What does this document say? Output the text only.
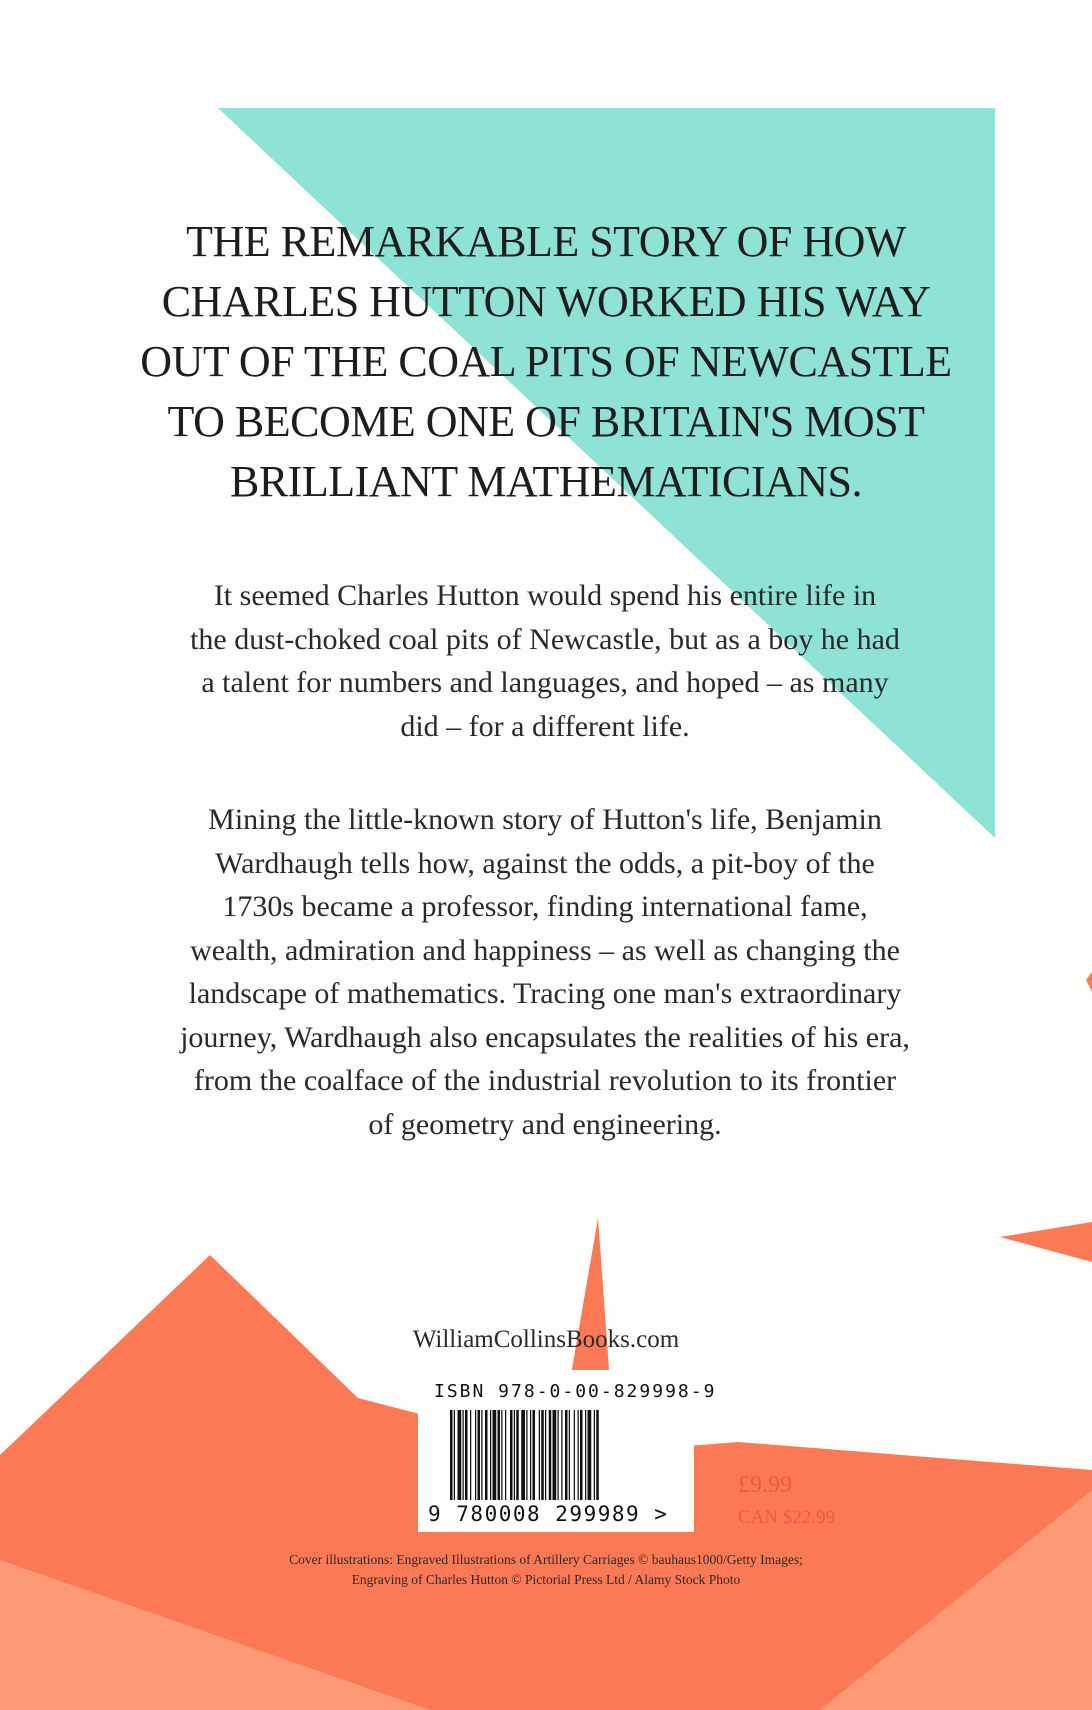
THE REMARKABLE STORY OF HOW
CHARLES HUTTON WORKED HIS WAY
OUT OF THE COAL PITS OF NEWCASTLE
TO BECOME ONE OF BRITAIN'S MOST
BRILLIANT MATHEMATICIANS.

It seemed Charles Hutton would spend his entire life in
the dust-choked coal pits of Newcastle, but as a boy he had
a talent for numbers and languages, and hoped – as many
did – for a different life.

Mining the little-known story of Hutton's life, Benjamin
Wardhaugh tells how, against the odds, a pit-boy of the
1730s became a professor, finding international fame,
wealth, admiration and happiness – as well as changing the
landscape of mathematics. Tracing one man's extraordinary
journey, Wardhaugh also encapsulates the realities of his era,
from the coalface of the industrial revolution to its frontier
of geometry and engineering.

WilliamCollinsBooks.com
ISBN 978-0-00-829998-9
9 780008 299989 >
£9.99
CAN $22.99
Cover illustrations: Engraved Illustrations of Artillery Carriages © bauhaus1000/Getty Images;
Engraving of Charles Hutton © Pictorial Press Ltd / Alamy Stock Photo
